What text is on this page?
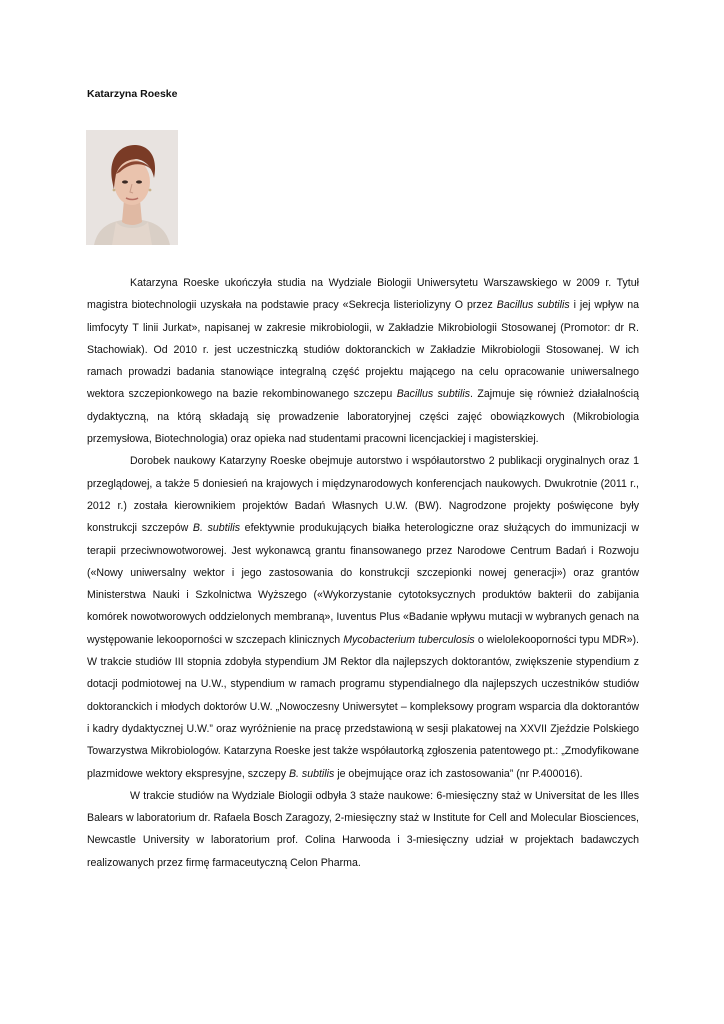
Katarzyna Roeske

Katarzyna Roeske ukończyła studia na Wydziale Biologii Uniwersytetu Warszawskiego w 2009 r. Tytuł magistra biotechnologii uzyskała na podstawie pracy «Sekrecja listeriolizyny O przez Bacillus subtilis i jej wpływ na limfocyty T linii Jurkat», napisanej w zakresie mikrobiologii, w Zakładzie Mikrobiologii Stosowanej (Promotor: dr R. Stachowiak). Od 2010 r. jest uczestniczką studiów doktoranckich w Zakładzie Mikrobiologii Stosowanej. W ich ramach prowadzi badania stanowiące integralną część projektu mającego na celu opracowanie uniwersalnego wektora szczepionkowego na bazie rekombinowanego szczepu Bacillus subtilis. Zajmuje się również działalnością dydaktyczną, na którą składają się prowadzenie laboratoryjnej części zajęć obowiązkowych (Mikrobiologia przemysłowa, Biotechnologia) oraz opieka nad studentami pracowni licencjackiej i magisterskiej.

Dorobek naukowy Katarzyny Roeske obejmuje autorstwo i współautorstwo 2 publikacji oryginalnych oraz 1 przeglądowej, a także 5 doniesień na krajowych i międzynarodowych konferencjach naukowych. Dwukrotnie (2011 r., 2012 r.) została kierownikiem projektów Badań Własnych U.W. (BW). Nagrodzone projekty poświęcone były konstrukcji szczepów B. subtilis efektywnie produkujących białka heterologiczne oraz służących do immunizacji w terapii przeciwnowotworowej. Jest wykonawcą grantu finansowanego przez Narodowe Centrum Badań i Rozwoju («Nowy uniwersalny wektor i jego zastosowania do konstrukcji szczepionki nowej generacji») oraz grantów Ministerstwa Nauki i Szkolnictwa Wyższego («Wykorzystanie cytotoksycznych produktów bakterii do zabijania komórek nowotworowych oddzielonych membraną», Iuventus Plus «Badanie wpływu mutacji w wybranych genach na występowanie lekooporności w szczepach klinicznych Mycobacterium tuberculosis o wielolekooporności typu MDR»). W trakcie studiów III stopnia zdobyła stypendium JM Rektor dla najlepszych doktorantów, zwiększenie stypendium z dotacji podmiotowej na U.W., stypendium w ramach programu stypendialnego dla najlepszych uczestników studiów doktoranckich i młodych doktorów U.W. „Nowoczesny Uniwersytet – kompleksowy program wsparcia dla doktorantów i kadry dydaktycznej U.W.” oraz wyróżnienie na pracę przedstawioną w sesji plakatowej na XXVII Zjeździe Polskiego Towarzystwa Mikrobiologów. Katarzyna Roeske jest także współautorką zgłoszenia patentowego pt.: „Zmodyfikowane plazmidowe wektory ekspresyjne, szczepy B. subtilis je obejmujące oraz ich zastosowania” (nr P.400016).

W trakcie studiów na Wydziale Biologii odbyła 3 staże naukowe: 6-miesięczny staż w Universitat de les Illes Balears w laboratorium dr. Rafaela Bosch Zaragozy, 2-miesięczny staż w Institute for Cell and Molecular Biosciences, Newcastle University w laboratorium prof. Colina Harwooda i 3-miesięczny udział w projektach badawczych realizowanych przez firmę farmaceutyczną Celon Pharma.
